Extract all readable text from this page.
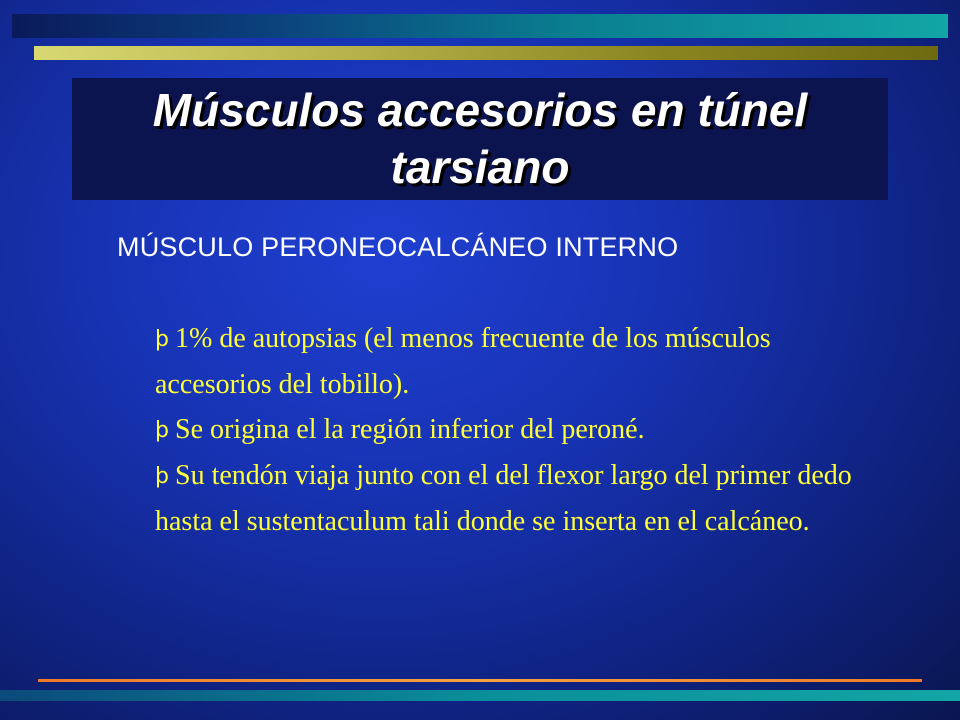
Músculos accesorios en túnel tarsiano
MÚSCULO PERONEOCALCÁNEO INTERNO
þ 1% de autopsias (el menos frecuente de los músculos accesorios del tobillo).
þ Se origina el la región inferior del peroné.
þ Su tendón viaja junto con el del flexor largo del primer dedo hasta el sustentaculum tali donde se inserta en el calcáneo.
